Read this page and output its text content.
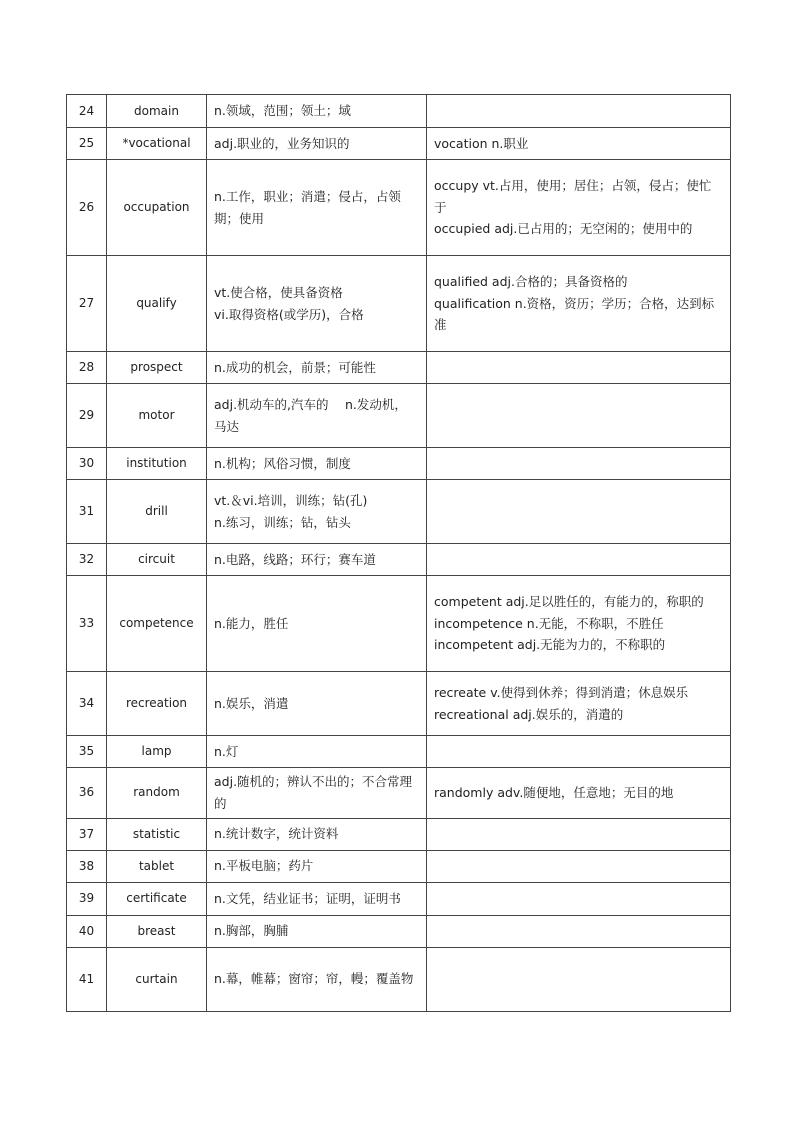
24	domain	n.领域，范围；领土；域	

25	*vocational	adj.职业的，业务知识的	vocation n.职业

26	occupation	n.工作，职业；消遣；侵占，占领期；使用	occupy vt.占用，使用；居住；占领，侵占；使忙于
occupied adj.已占用的；无空闲的；使用中的

27	qualify	vt.使合格，使具备资格
vi.取得资格(或学历)，合格	qualified adj.合格的；具备资格的
qualification n.资格，资历；学历；合格，达到标准

28	prospect	n.成功的机会，前景；可能性	

29	motor	adj.机动车的,汽车的　 n.发动机，马达	

30	institution	n.机构；风俗习惯，制度	

31	drill	vt.＆vi.培训，训练；钻(孔)
n.练习，训练；钻，钻头	

32	circuit	n.电路，线路；环行；赛车道	

33	competence	n.能力，胜任	competent adj.足以胜任的，有能力的，称职的
incompetence n.无能，不称职，不胜任
incompetent adj.无能为力的，不称职的

34	recreation	n.娱乐，消遣	recreate v.使得到休养；得到消遣；休息娱乐
recreational adj.娱乐的，消遣的

35	lamp	n.灯	

36	random	adj.随机的；辨认不出的；不合常理的	randomly adv.随便地，任意地；无目的地

37	statistic	n.统计数字，统计资料	

38	tablet	n.平板电脑；药片	

39	certificate	n.文凭，结业证书；证明，证明书	

40	breast	n.胸部，胸脯	

41	curtain	n.幕，帷幕；窗帘；帘，幔；覆盖物	
